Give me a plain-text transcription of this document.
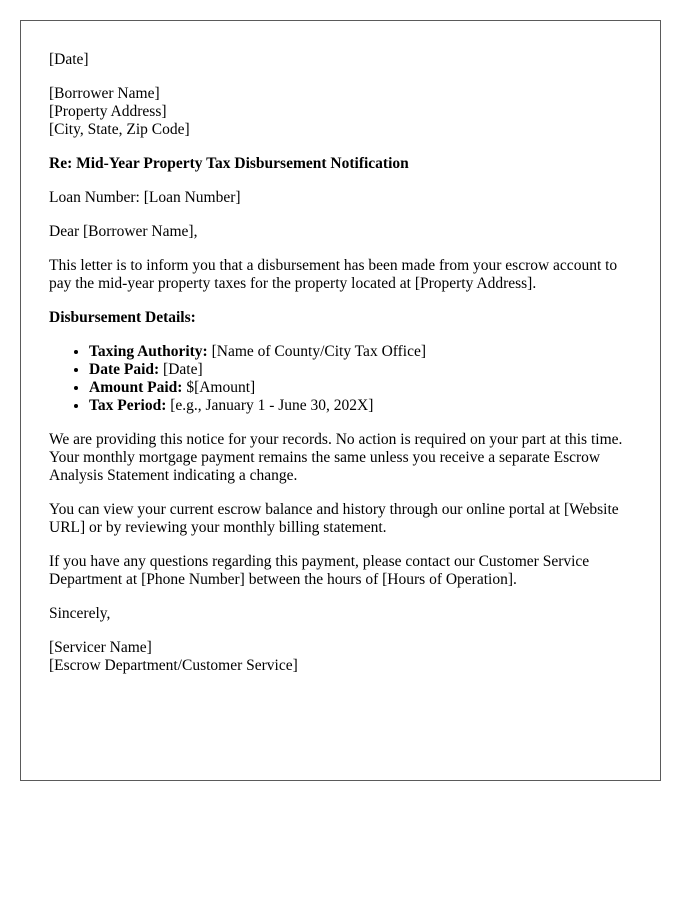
[Date]
[Borrower Name]
[Property Address]
[City, State, Zip Code]
Re: Mid-Year Property Tax Disbursement Notification
Loan Number: [Loan Number]
Dear [Borrower Name],
This letter is to inform you that a disbursement has been made from your escrow account to pay the mid-year property taxes for the property located at [Property Address].
Disbursement Details:
• Taxing Authority: [Name of County/City Tax Office]
• Date Paid: [Date]
• Amount Paid: $[Amount]
• Tax Period: [e.g., January 1 - June 30, 202X]
We are providing this notice for your records. No action is required on your part at this time. Your monthly mortgage payment remains the same unless you receive a separate Escrow Analysis Statement indicating a change.
You can view your current escrow balance and history through our online portal at [Website URL] or by reviewing your monthly billing statement.
If you have any questions regarding this payment, please contact our Customer Service Department at [Phone Number] between the hours of [Hours of Operation].
Sincerely,
[Servicer Name]
[Escrow Department/Customer Service]
